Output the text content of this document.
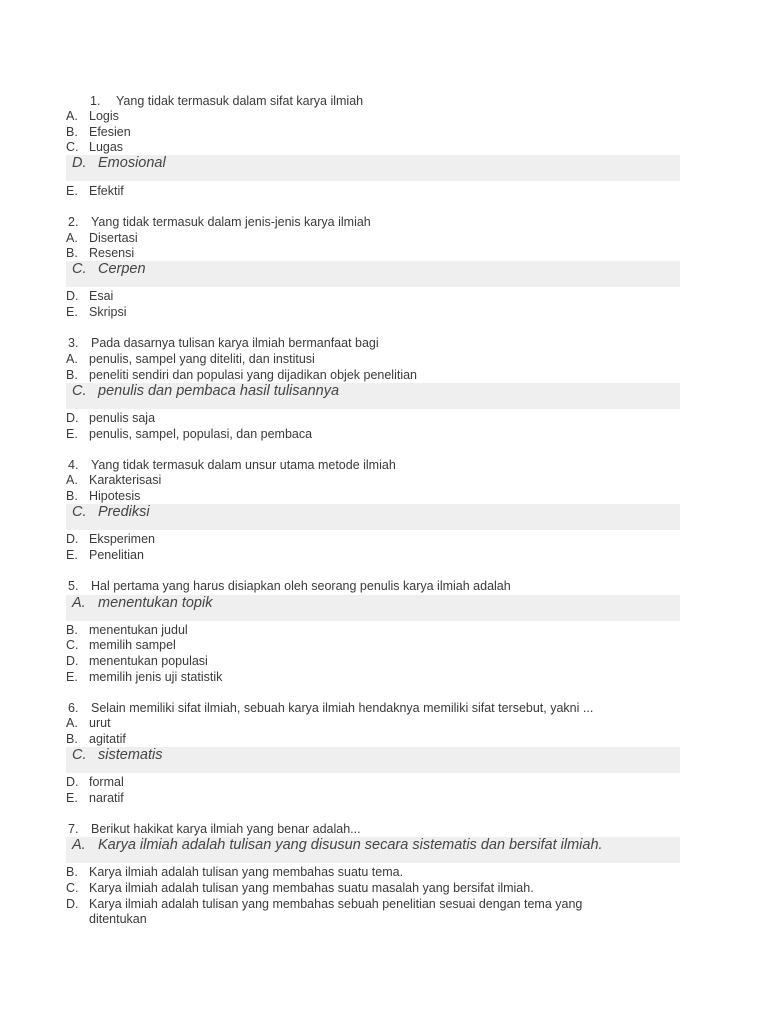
1. Yang tidak termasuk dalam sifat karya ilmiah
A. Logis
B. Efesien
C. Lugas
D. Emosional
E. Efektif
2. Yang tidak termasuk dalam jenis-jenis karya ilmiah
A. Disertasi
B. Resensi
C. Cerpen
D. Esai
E. Skripsi
3. Pada dasarnya tulisan karya ilmiah bermanfaat bagi
A. penulis, sampel yang diteliti, dan institusi
B. peneliti sendiri dan populasi yang dijadikan objek penelitian
C. penulis dan pembaca hasil tulisannya
D. penulis saja
E. penulis, sampel, populasi, dan pembaca
4. Yang tidak termasuk dalam unsur utama metode ilmiah
A. Karakterisasi
B. Hipotesis
C. Prediksi
D. Eksperimen
E. Penelitian
5. Hal pertama yang harus disiapkan oleh seorang penulis karya ilmiah adalah
A. menentukan topik
B. menentukan judul
C. memilih sampel
D. menentukan populasi
E. memilih jenis uji statistik
6. Selain memiliki sifat ilmiah, sebuah karya ilmiah hendaknya memiliki sifat tersebut, yakni ...
A. urut
B. agitatif
C. sistematis
D. formal
E. naratif
7. Berikut hakikat karya ilmiah yang benar adalah...
A. Karya ilmiah adalah tulisan yang disusun secara sistematis dan bersifat ilmiah.
B. Karya ilmiah adalah tulisan yang membahas suatu tema.
C. Karya ilmiah adalah tulisan yang membahas suatu masalah yang bersifat ilmiah.
D. Karya ilmiah adalah tulisan yang membahas sebuah penelitian sesuai dengan tema yang
ditentukan
